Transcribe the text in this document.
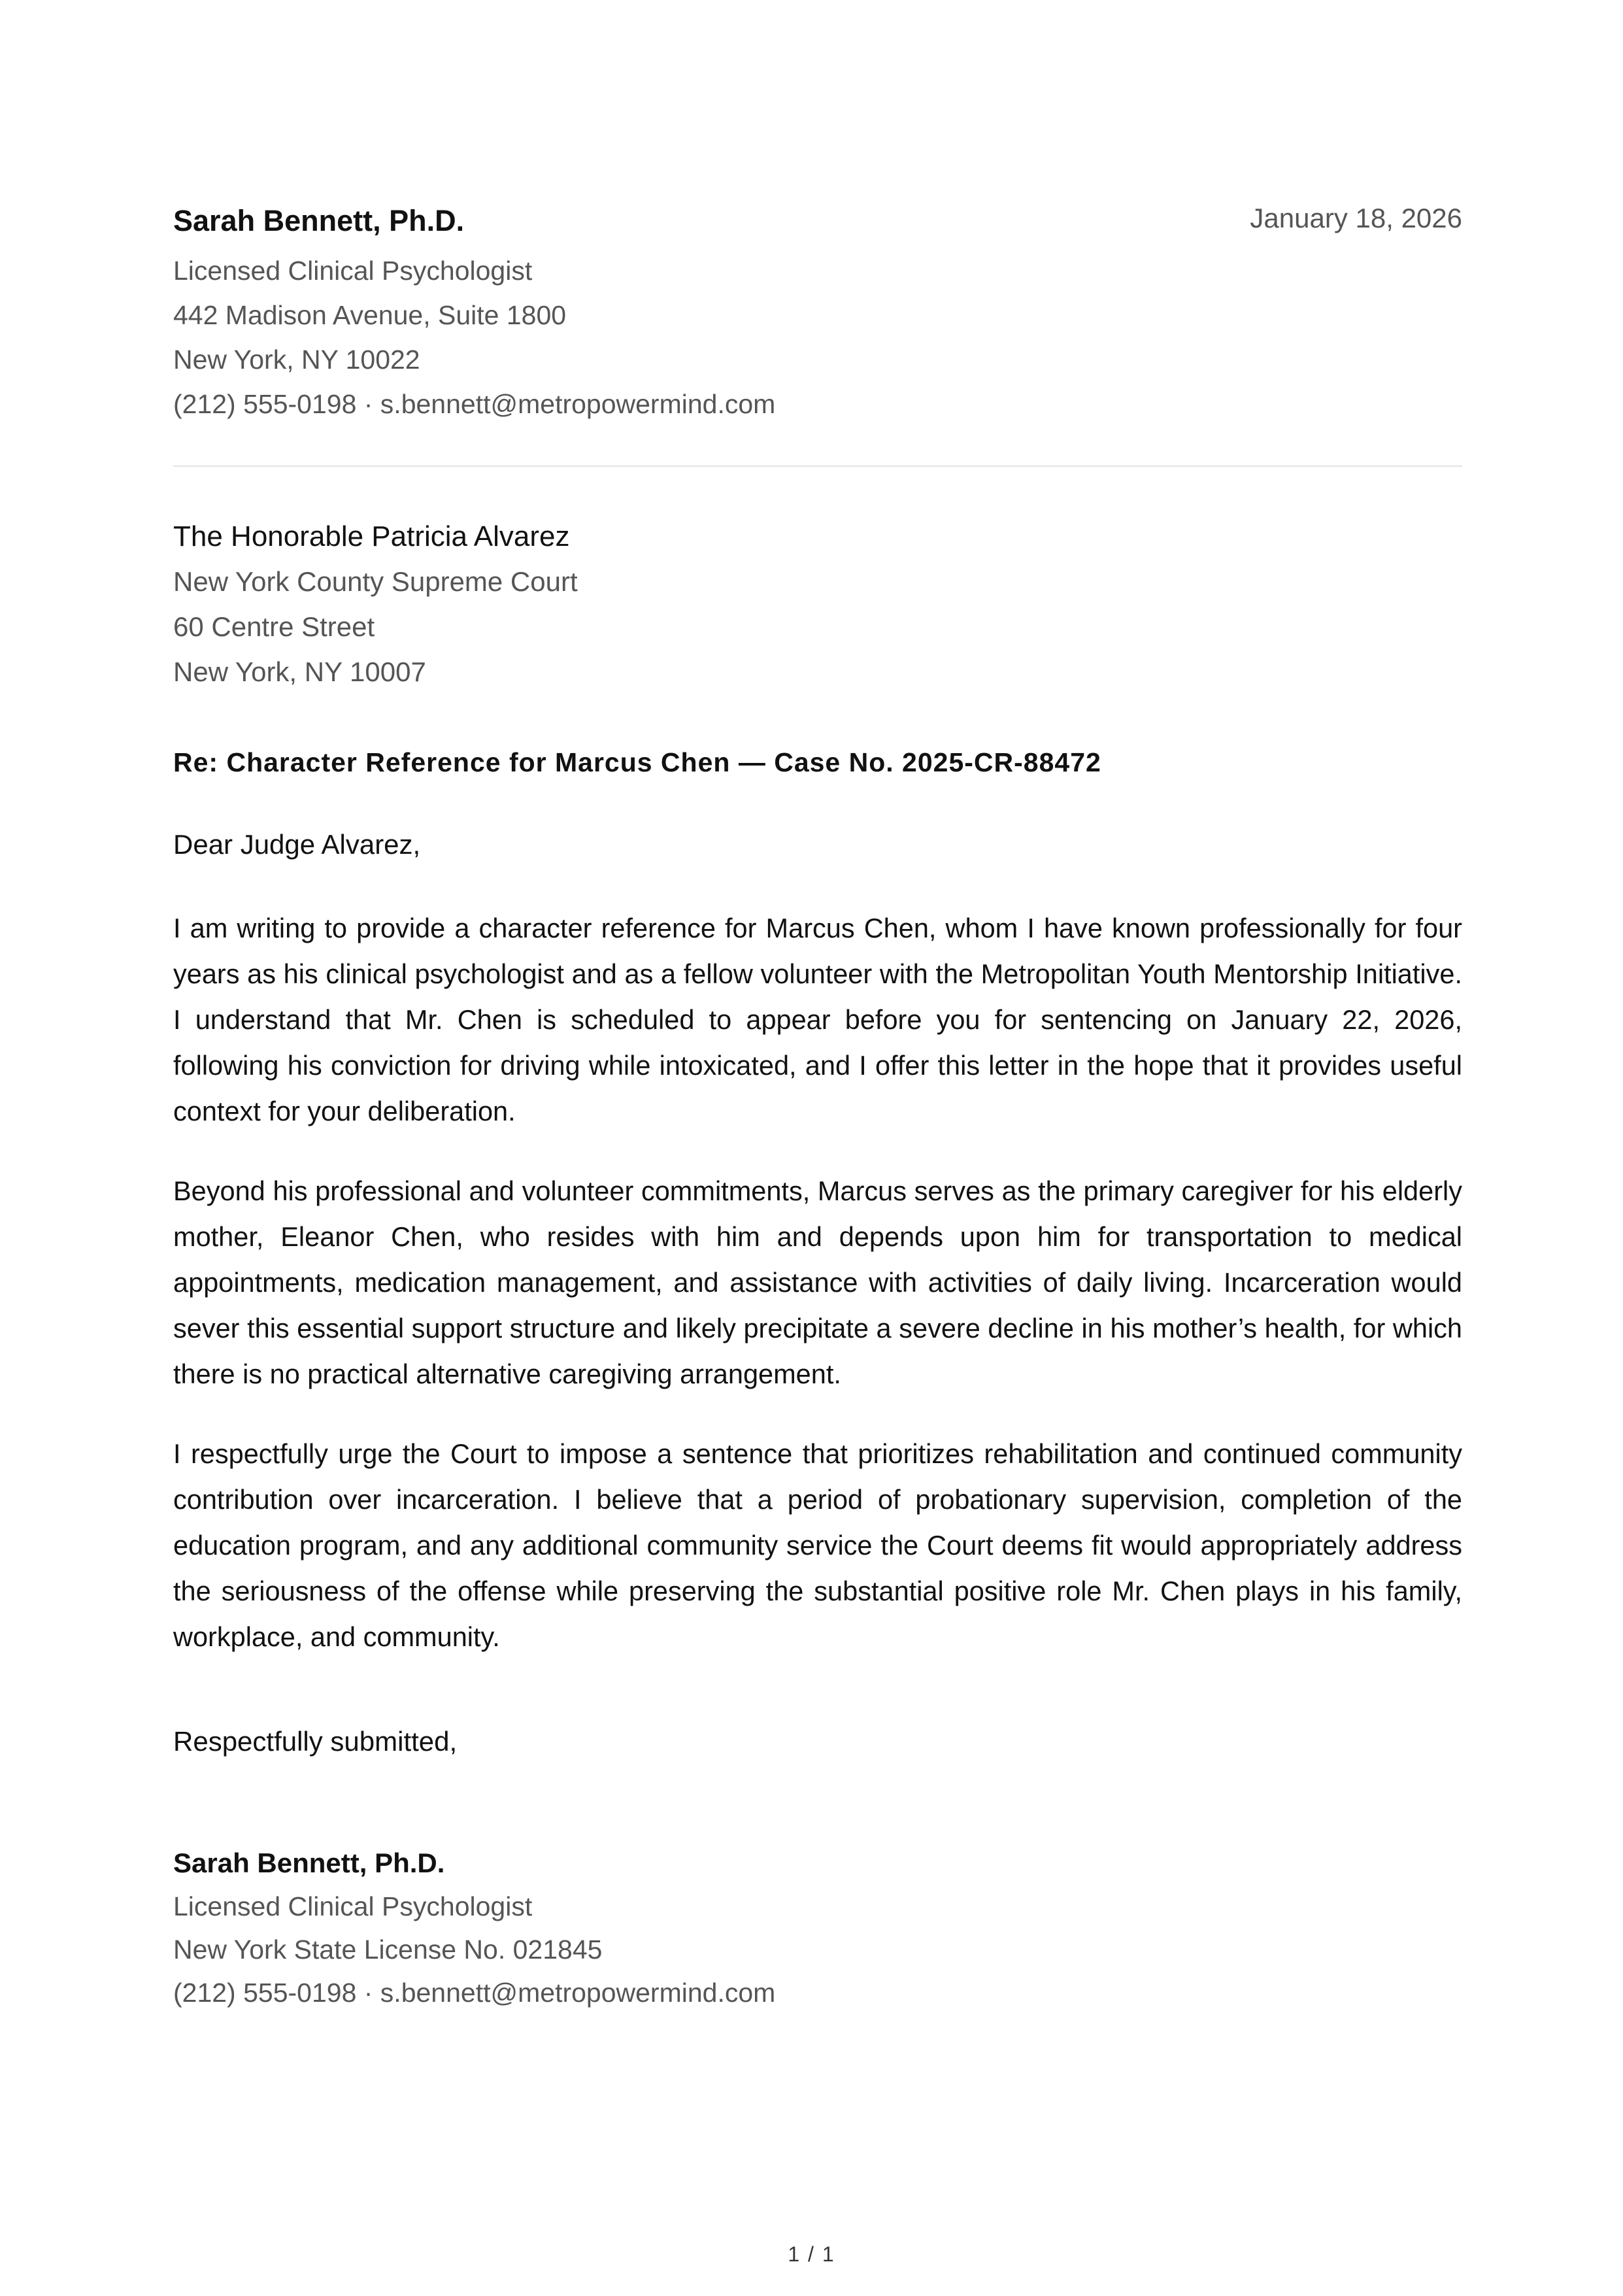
Sarah Bennett, Ph.D.	January 18, 2026
Licensed Clinical Psychologist
442 Madison Avenue, Suite 1800
New York, NY 10022
(212) 555-0198 · s.bennett@metropowermind.com
The Honorable Patricia Alvarez
New York County Supreme Court
60 Centre Street
New York, NY 10007
Re: Character Reference for Marcus Chen — Case No. 2025-CR-88472
Dear Judge Alvarez,

I am writing to provide a character reference for Marcus Chen, whom I have known professionally for four years as his clinical psychologist and as a fellow volunteer with the Metropolitan Youth Mentorship Initiative. I understand that Mr. Chen is scheduled to appear before you for sentencing on January 22, 2026, following his conviction for driving while intoxicated, and I offer this letter in the hope that it provides useful context for your deliberation.

Beyond his professional and volunteer commitments, Marcus serves as the primary caregiver for his elderly mother, Eleanor Chen, who resides with him and depends upon him for transportation to medical appointments, medication management, and assistance with activities of daily living. Incarceration would sever this essential support structure and likely precipitate a severe decline in his mother’s health, for which there is no practical alternative caregiving arrangement.

I respectfully urge the Court to impose a sentence that prioritizes rehabilitation and continued community contribution over incarceration. I believe that a period of probationary supervision, completion of the education program, and any additional community service the Court deems fit would appropriately address the seriousness of the offense while preserving the substantial positive role Mr. Chen plays in his family, workplace, and community.

Respectfully submitted,
Sarah Bennett, Ph.D.
Licensed Clinical Psychologist
New York State License No. 021845
(212) 555-0198 · s.bennett@metropowermind.com
1 / 1
